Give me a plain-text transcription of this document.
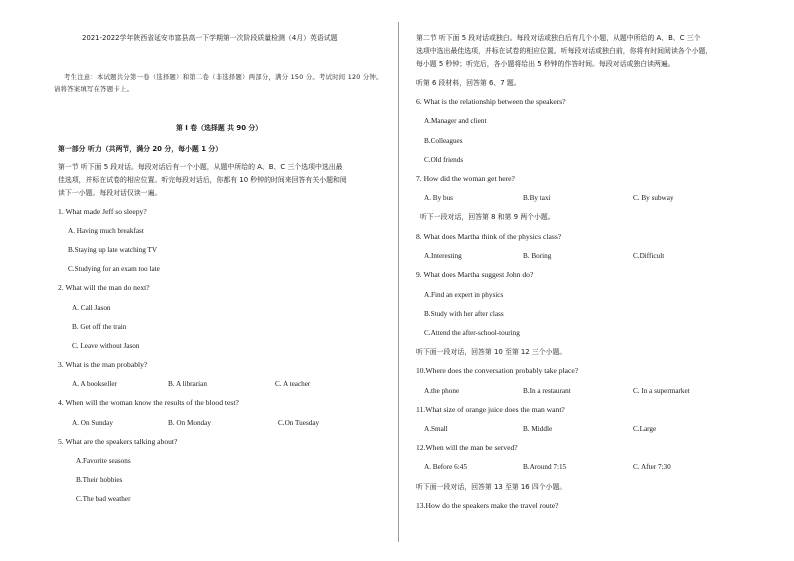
2021-2022学年陕西省延安市富县高一下学期第一次阶段质量检测（4月）英语试题
考生注意：本试题共分第一卷（选择题）和第二卷（非选择题）两部分，满分 150 分。考试时间 120 分钟。
请将答案填写在答题卡上。
第 I 卷（选择题 共 90 分）
第一部分 听力（共两节，满分 20 分，每小题 1 分）
第一节 听下面 5 段对话。每段对话后有一个小题，从题中所给的 A、B、C 三个选项中选出最
佳选项，并标在试卷的相应位置。听完每段对话后，你都有 10 秒钟的时间来回答有关小题和阅
读下一小题。每段对话仅读一遍。
1. What made Jeff so sleepy?
A. Having much breakfast
B.Staying up late watching TV
C.Studying for an exam too late
2. What will the man do next?
A. Call Jason
B. Get off the train
C. Leave without Jason
3. What is the man probably?
A. A bookseller	B. A librarian	C. A teacher
4. When will the woman know the results of the blood test?
A. On Sunday	B. On Monday	C.On Tuesday
5. What are the speakers talking about?
A.Favorite seasons
B.Their hobbies
C.The bad weather
第二节 听下面 5 段对话或独白。每段对话或独白后有几个小题，从题中所给的 A、B、C 三个
选项中选出最佳选项，并标在试卷的相应位置。听每段对话或独白前，你将有时间阅读各个小题，
每小题 5 秒钟；听完后，各小题将给出 5 秒钟的作答时间。每段对话或独白读两遍。
听第 6 段材料，回答第 6、7 题。
6. What is the relationship between the speakers?
A.Manager and client
B.Colleagues
C.Old friends
7. How did the woman get here?
A. By bus	B.By taxi	C. By subway
听下一段对话，回答第 8 和第 9 两个小题。
8. What does Martha think of the physics class?
A.Interesting	B. Boring	C.Difficult
9. What does Martha suggest John do?
A.Find an expert in physics
B.Study with her after class
C.Attend the after-school-touring
听下面一段对话，回答第 10 至第 12 三个小题。
10.Where does the conversation probably take place?
A.the phone	B.In a restaurant	C. In a supermarket
11.What size of orange juice does the man want?
A.Small	B. Middle	C.Large
12.When will the man be served?
A. Before 6:45	B.Around 7:15	C. After 7:30
听下面一段对话，回答第 13 至第 16 四个小题。
13.How do the speakers make the travel route?
